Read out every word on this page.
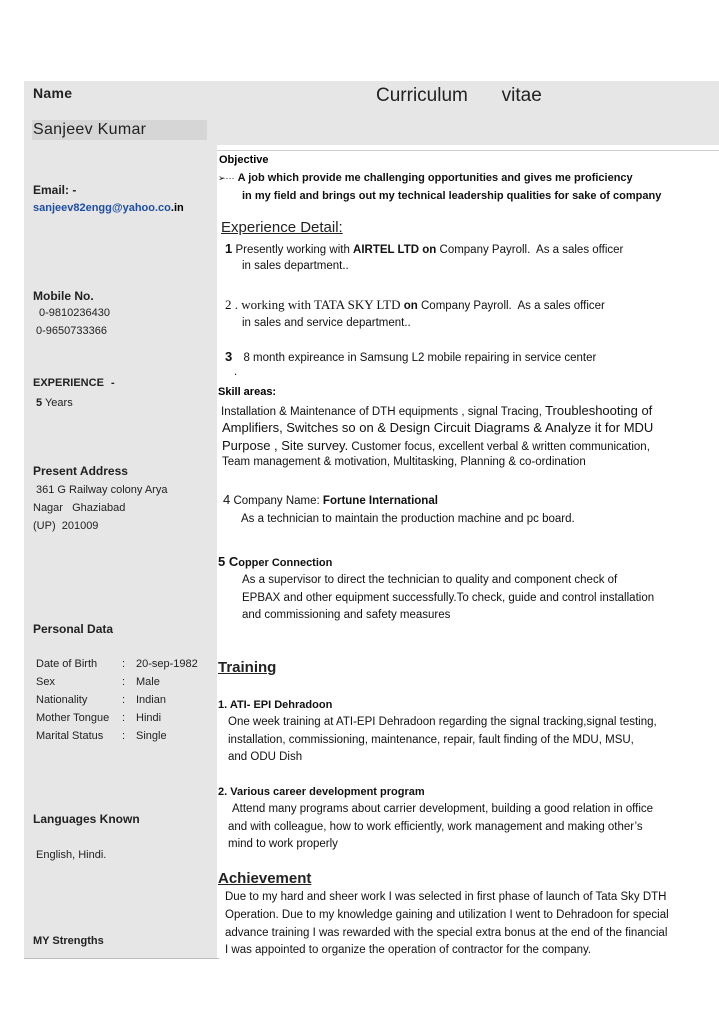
Name	Curriculum   vitae
Sanjeev Kumar
Email: -
sanjeev82engg@yahoo.co.in
Mobile No.
0-9810236430
0-9650733366
EXPERIENCE -
5 Years
Present Address
361 G Railway colony Arya
Nagar   Ghaziabad
(UP)  201009
Personal Data
Date of Birth	: 20-sep-1982
Sex	: Male
Nationality	: Indian
Mother Tongue	: Hindi
Marital Status	: Single
Languages Known
English, Hindi.
MY Strengths
Objective
➢··· A job which provide me challenging opportunities and gives me proficiency
in my field and brings out my technical leadership qualities for sake of company
Experience Detail:
1 Presently working with AIRTEL LTD on Company Payroll.  As a sales officer
in sales department..
2 . working with TATA SKY LTD on Company Payroll.  As a sales officer
in sales and service department..
3 8 month expireance in Samsung L2 mobile repairing in service center
.
Skill areas:
Installation & Maintenance of DTH equipments , signal Tracing, Troubleshooting of
Amplifiers, Switches so on & Design Circuit Diagrams & Analyze it for MDU
Purpose , Site survey. Customer focus, excellent verbal & written communication,
Team management & motivation, Multitasking, Planning & co-ordination
4 Company Name: Fortune International
As a technician to maintain the production machine and pc board.
5 Copper Connection
As a supervisor to direct the technician to quality and component check of
EPBAX and other equipment successfully.To check, guide and control installation
and commissioning and safety measures
Training
1. ATI- EPI Dehradoon
One week training at ATI-EPI Dehradoon regarding the signal tracking,signal testing,
installation, commissioning, maintenance, repair, fault finding of the MDU, MSU,
and ODU Dish
2. Various career development program
Attend many programs about carrier development, building a good relation in office
and with colleague, how to work efficiently, work management and making other’s
mind to work properly
Achievement
Due to my hard and sheer work I was selected in first phase of launch of Tata Sky DTH
Operation. Due to my knowledge gaining and utilization I went to Dehradoon for special
advance training I was rewarded with the special extra bonus at the end of the financial
I was appointed to organize the operation of contractor for the company.
